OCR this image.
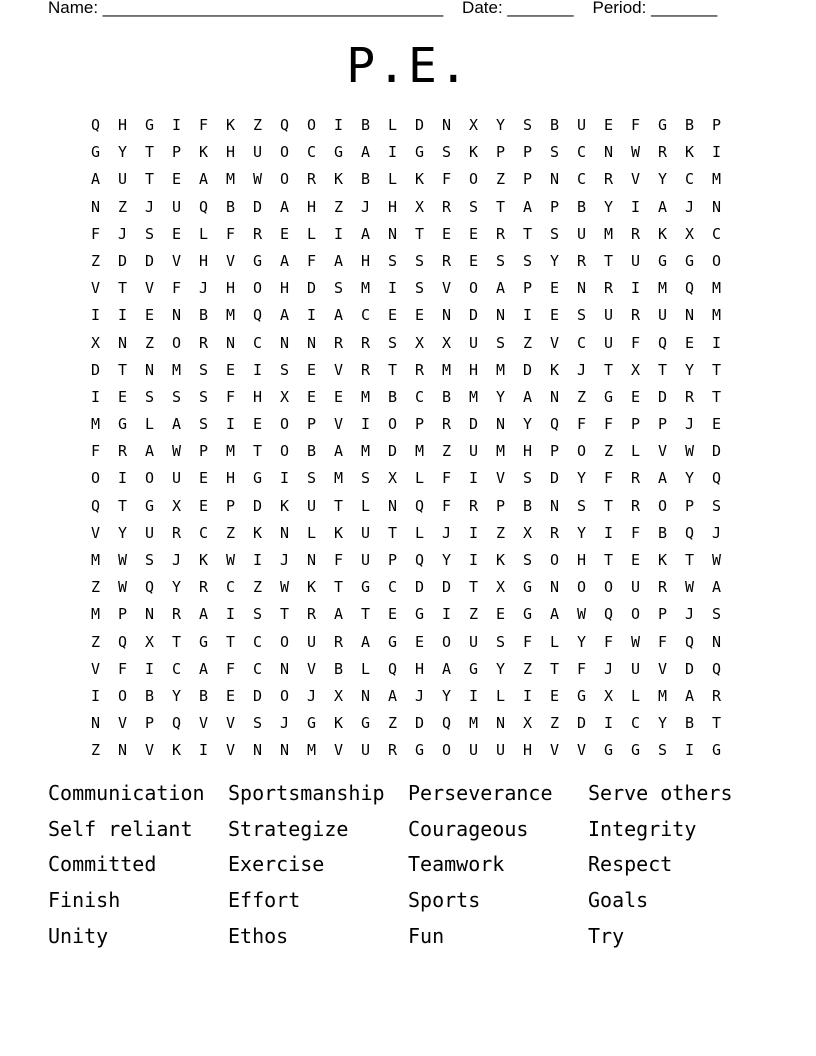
Name: ____________________________________    Date: _______    Period: _______
P.E.
Q	H	G	I	F	K	Z	Q	O	I	B	L	D	N	X	Y	S	B	U	E	F	G	B	P
G	Y	T	P	K	H	U	O	C	G	A	I	G	S	K	P	P	S	C	N	W	R	K	I
A	U	T	E	A	M	W	O	R	K	B	L	K	F	O	Z	P	N	C	R	V	Y	C	M
N	Z	J	U	Q	B	D	A	H	Z	J	H	X	R	S	T	A	P	B	Y	I	A	J	N
F	J	S	E	L	F	R	E	L	I	A	N	T	E	E	R	T	S	U	M	R	K	X	C
Z	D	D	V	H	V	G	A	F	A	H	S	S	R	E	S	S	Y	R	T	U	G	G	O
V	T	V	F	J	H	O	H	D	S	M	I	S	V	O	A	P	E	N	R	I	M	Q	M
I	I	E	N	B	M	Q	A	I	A	C	E	E	N	D	N	I	E	S	U	R	U	N	M
X	N	Z	O	R	N	C	N	N	R	R	S	X	X	U	S	Z	V	C	U	F	Q	E	I
D	T	N	M	S	E	I	S	E	V	R	T	R	M	H	M	D	K	J	T	X	T	Y	T
I	E	S	S	S	F	H	X	E	E	M	B	C	B	M	Y	A	N	Z	G	E	D	R	T
M	G	L	A	S	I	E	O	P	V	I	O	P	R	D	N	Y	Q	F	F	P	P	J	E
F	R	A	W	P	M	T	O	B	A	M	D	M	Z	U	M	H	P	O	Z	L	V	W	D
O	I	O	U	E	H	G	I	S	M	S	X	L	F	I	V	S	D	Y	F	R	A	Y	Q
Q	T	G	X	E	P	D	K	U	T	L	N	Q	F	R	P	B	N	S	T	R	O	P	S
V	Y	U	R	C	Z	K	N	L	K	U	T	L	J	I	Z	X	R	Y	I	F	B	Q	J
M	W	S	J	K	W	I	J	N	F	U	P	Q	Y	I	K	S	O	H	T	E	K	T	W
Z	W	Q	Y	R	C	Z	W	K	T	G	C	D	D	T	X	G	N	O	O	U	R	W	A
M	P	N	R	A	I	S	T	R	A	T	E	G	I	Z	E	G	A	W	Q	O	P	J	S
Z	Q	X	T	G	T	C	O	U	R	A	G	E	O	U	S	F	L	Y	F	W	F	Q	N
V	F	I	C	A	F	C	N	V	B	L	Q	H	A	G	Y	Z	T	F	J	U	V	D	Q
I	O	B	Y	B	E	D	O	J	X	N	A	J	Y	I	L	I	E	G	X	L	M	A	R
N	V	P	Q	V	V	S	J	G	K	G	Z	D	Q	M	N	X	Z	D	I	C	Y	B	T
Z	N	V	K	I	V	N	N	M	V	U	R	G	O	U	U	H	V	V	G	G	S	I	G
Communication	Sportsmanship	Perseverance	Serve others
Self reliant	Strategize	Courageous	Integrity
Committed	Exercise	Teamwork	Respect
Finish	Effort	Sports	Goals
Unity	Ethos	Fun	Try
